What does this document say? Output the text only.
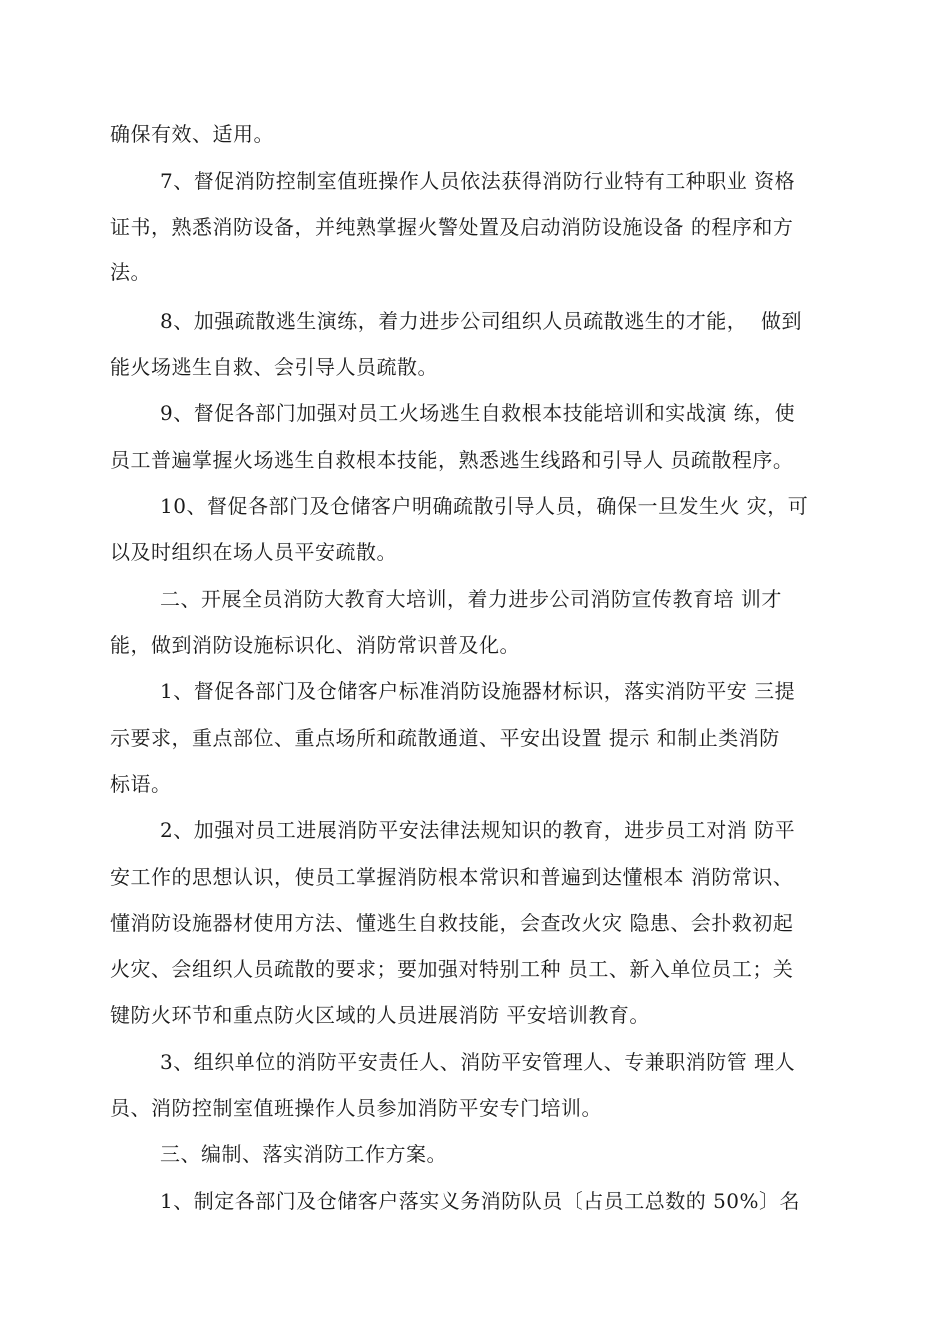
确保有效、适用。
7、督促消防控制室值班操作人员依法获得消防行业特有工种职业 资格
证书，熟悉消防设备，并纯熟掌握火警处置及启动消防设施设备 的程序和方
法。
8、加强疏散逃生演练，着力进步公司组织人员疏散逃生的才能，  做到
能火场逃生自救、会引导人员疏散。
9、督促各部门加强对员工火场逃生自救根本技能培训和实战演 练，使
员工普遍掌握火场逃生自救根本技能，熟悉逃生线路和引导人 员疏散程序。
10、督促各部门及仓储客户明确疏散引导人员，确保一旦发生火 灾，可
以及时组织在场人员平安疏散。
二、开展全员消防大教育大培训，着力进步公司消防宣传教育培 训才
能，做到消防设施标识化、消防常识普及化。
1、督促各部门及仓储客户标准消防设施器材标识，落实消防平安 三提
示要求，重点部位、重点场所和疏散通道、平安出设置 提示 和制止类消防
标语。
2、加强对员工进展消防平安法律法规知识的教育，进步员工对消 防平
安工作的思想认识，使员工掌握消防根本常识和普遍到达懂根本 消防常识、
懂消防设施器材使用方法、懂逃生自救技能，会查改火灾 隐患、会扑救初起
火灾、会组织人员疏散的要求；要加强对特别工种 员工、新入单位员工；关
键防火环节和重点防火区域的人员进展消防 平安培训教育。
3、组织单位的消防平安责任人、消防平安管理人、专兼职消防管 理人
员、消防控制室值班操作人员参加消防平安专门培训。
三、编制、落实消防工作方案。
1、制定各部门及仓储客户落实义务消防队员〔占员工总数的 50%〕名
